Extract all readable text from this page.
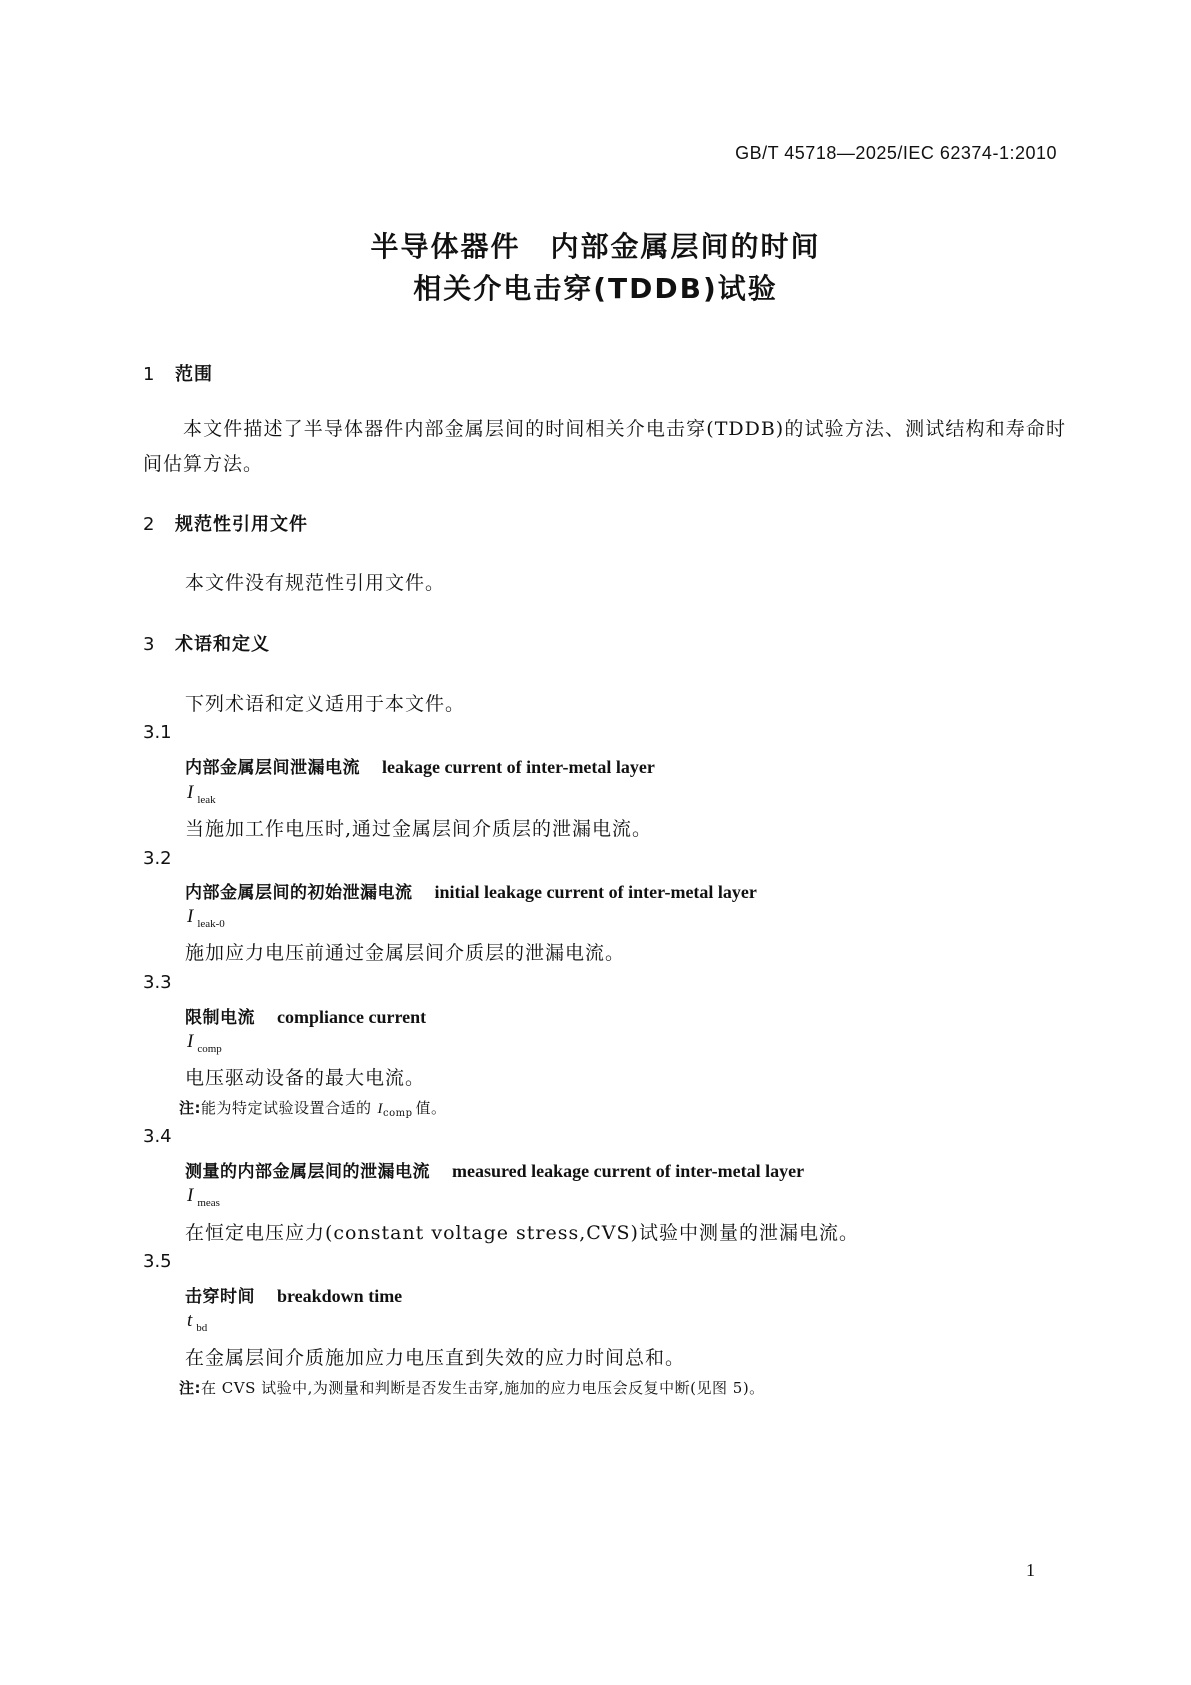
GB/T 45718—2025/IEC 62374-1:2010
半导体器件　内部金属层间的时间
相关介电击穿(TDDB)试验
1 范围
本文件描述了半导体器件内部金属层间的时间相关介电击穿(TDDB)的试验方法、测试结构和寿命时间估算方法。
2 规范性引用文件
本文件没有规范性引用文件。
3 术语和定义
下列术语和定义适用于本文件。
3.1
内部金属层间泄漏电流 leakage current of inter-metal layer
I $_{leak}$
当施加工作电压时,通过金属层间介质层的泄漏电流。
3.2
内部金属层间的初始泄漏电流 initial leakage current of inter-metal layer
I $_{leak-0}$
施加应力电压前通过金属层间介质层的泄漏电流。
3.3
限制电流 compliance current
I $_{comp}$
电压驱动设备的最大电流。
注:能为特定试验设置合适的 $I_{comp}$ 值。
3.4
测量的内部金属层间的泄漏电流 measured leakage current of inter-metal layer
I $_{meas}$
在恒定电压应力(constant voltage stress,CVS)试验中测量的泄漏电流。
3.5
击穿时间 breakdown time
t $_{bd}$
在金属层间介质施加应力电压直到失效的应力时间总和。
注:在 CVS 试验中,为测量和判断是否发生击穿,施加的应力电压会反复中断(见图 5)。
1
